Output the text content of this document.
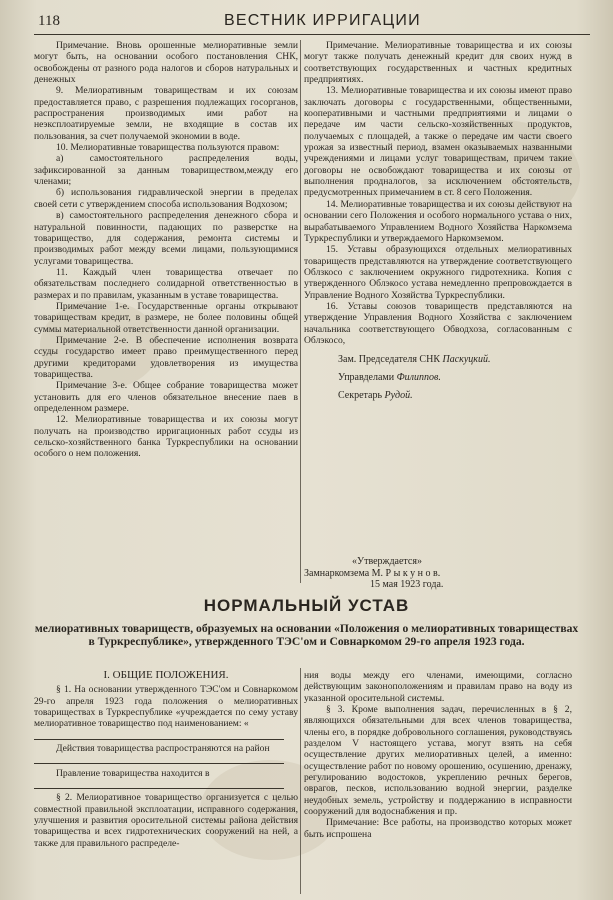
118	ВЕСТНИК ИРРИГАЦИИ

Примечание. Вновь орошенные мелиоративные земли могут быть, на основании особого постановления СНК, освобождены от разного рода налогов и сборов натуральных и денежных

9. Мелиоративным товариществам и их союзам предоставляется право, с разрешения подлежащих госорганов, распространения производимых ими работ на неэксплоатируемые земли, не входящие в состав их пользования, за счет получаемой экономии в воде.

10. Мелиоративные товарищества пользуются правом:

а) самостоятельного распределения воды, зафиксированной за данным товариществом,между его членами;

б) использования гидравлической энергии в пределах своей сети с утверждением способа использования Водхозом;

в) самостоятельного распределения денежного сбора и натуральной повинности, падающих по разверстке на товарищество, для содержания, ремонта системы и производимых работ между всеми лицами, пользующимися услугами товарищества.

11. Каждый член товарищества отвечает по обязательствам последнего солидарной ответственностью в размерах и по правилам, указанным в уставе товарищества.

Примечание 1-е. Государственные органы открывают товариществам кредит, в размере, не более половины общей суммы материальной ответственности данной организации.

Примечание 2-е. В обеспечение исполнения возврата ссуды государство имеет право преимущественного перед другими кредиторами удовлетворения из имущества товарищества.

Примечание 3-е. Общее собрание товарищества может установить для его членов обязательное внесение паев в определенном размере.

12. Мелиоративные товарищества и их союзы могут получать на производство ирригационных работ ссуды из сельско-хозяйственного банка Туркреспублики на основании особого о нем положения.

Примечание. Мелиоративные товарищества и их союзы могут также получать денежный кредит для своих нужд в соответствующих государственных и частных кредитных предприятиях.

13. Мелиоративные товарищества и их союзы имеют право заключать договоры с государственными, общественными, кооперативными и частными предприятиями и лицами о передаче им части сельско-хозяйственных продуктов, получаемых с площадей, а также о передаче им части своего урожая за известный период, взамен оказываемых названными учреждениями и лицами услуг товариществам, причем такие договоры не освобождают товарищества и их союзы от выполнения продналогов, за исключением обстоятельств, предусмотренных примечанием в ст. 8 сего Положения.

14. Мелиоративные товарищества и их союзы действуют на основании сего Положения и особого нормального устава о них, вырабатываемого Управлением Водного Хозяйства Наркомзема Туркреспублики и утверждаемого Наркомземом.

15. Уставы образующихся отдельных мелиоративных товариществ представляются на утверждение соответствующего Облзкосо с заключением окружного гидротехника. Копия с утвержденного Облэкосо устава немедленно препровождается в Управление Водного Хозяйства Туркреспублики.

16. Уставы союзов товариществ представляются на утверждение Управления Водного Хозяйства с заключением начальника соответствующего Обводхоза, согласованным с Облэкосо,

Зам. Председателя СНК Паскуцкий.

Управделами Филиппов.

Секретарь Рудой.

«Утверждается»
Замнаркомзема М. Р ы к у н о в.
15 мая 1923 года.
НОРМАЛЬНЫЙ УСТАВ
мелиоративных товариществ, образуемых на основании «Положения о мелиоративных товариществах в Туркреспублике», утвержденного ТЭС'ом и Совнаркомом 29-го апреля 1923 года.

I. ОБЩИЕ ПОЛОЖЕНИЯ.

§ 1. На основании утвержденного ТЭС'ом и Совнаркомом 29-го апреля 1923 года положения о мелиоративных товариществах в Туркреспублике «учреждается по сему уставу мелиоративное товарищество под наименованием: «

Действия товарищества распространяются на район

Правление товарищества находится в

§ 2. Мелиоративное товарищество организуется с целью совместной правильной эксплоатации, исправного содержания, улучшения и развития оросительной системы района действия товарищества и всех гидротехнических сооружений на ней, а также для правильного распределе-

ния воды между его членами, имеющими, согласно действующим законоположениям и правилам право на воду из указанной оросительной системы.

§ 3. Кроме выполнения задач, перечисленных в § 2, являющихся обязательными для всех членов товарищества, члены его, в порядке добровольного соглашения, руководствуясь разделом V настоящего устава, могут взять на себя осуществление других мелиоративных целей, а именно: осуществление работ по новому орошению, осушению, дренажу, регулированию водостоков, укреплению речных берегов, оврагов, песков, использованию водной энергии, разделке неудобных земель, устройству и поддержанию в исправности сооружений для водоснабжения и пр.

Примечание: Все работы, на производство которых может быть испрошена
